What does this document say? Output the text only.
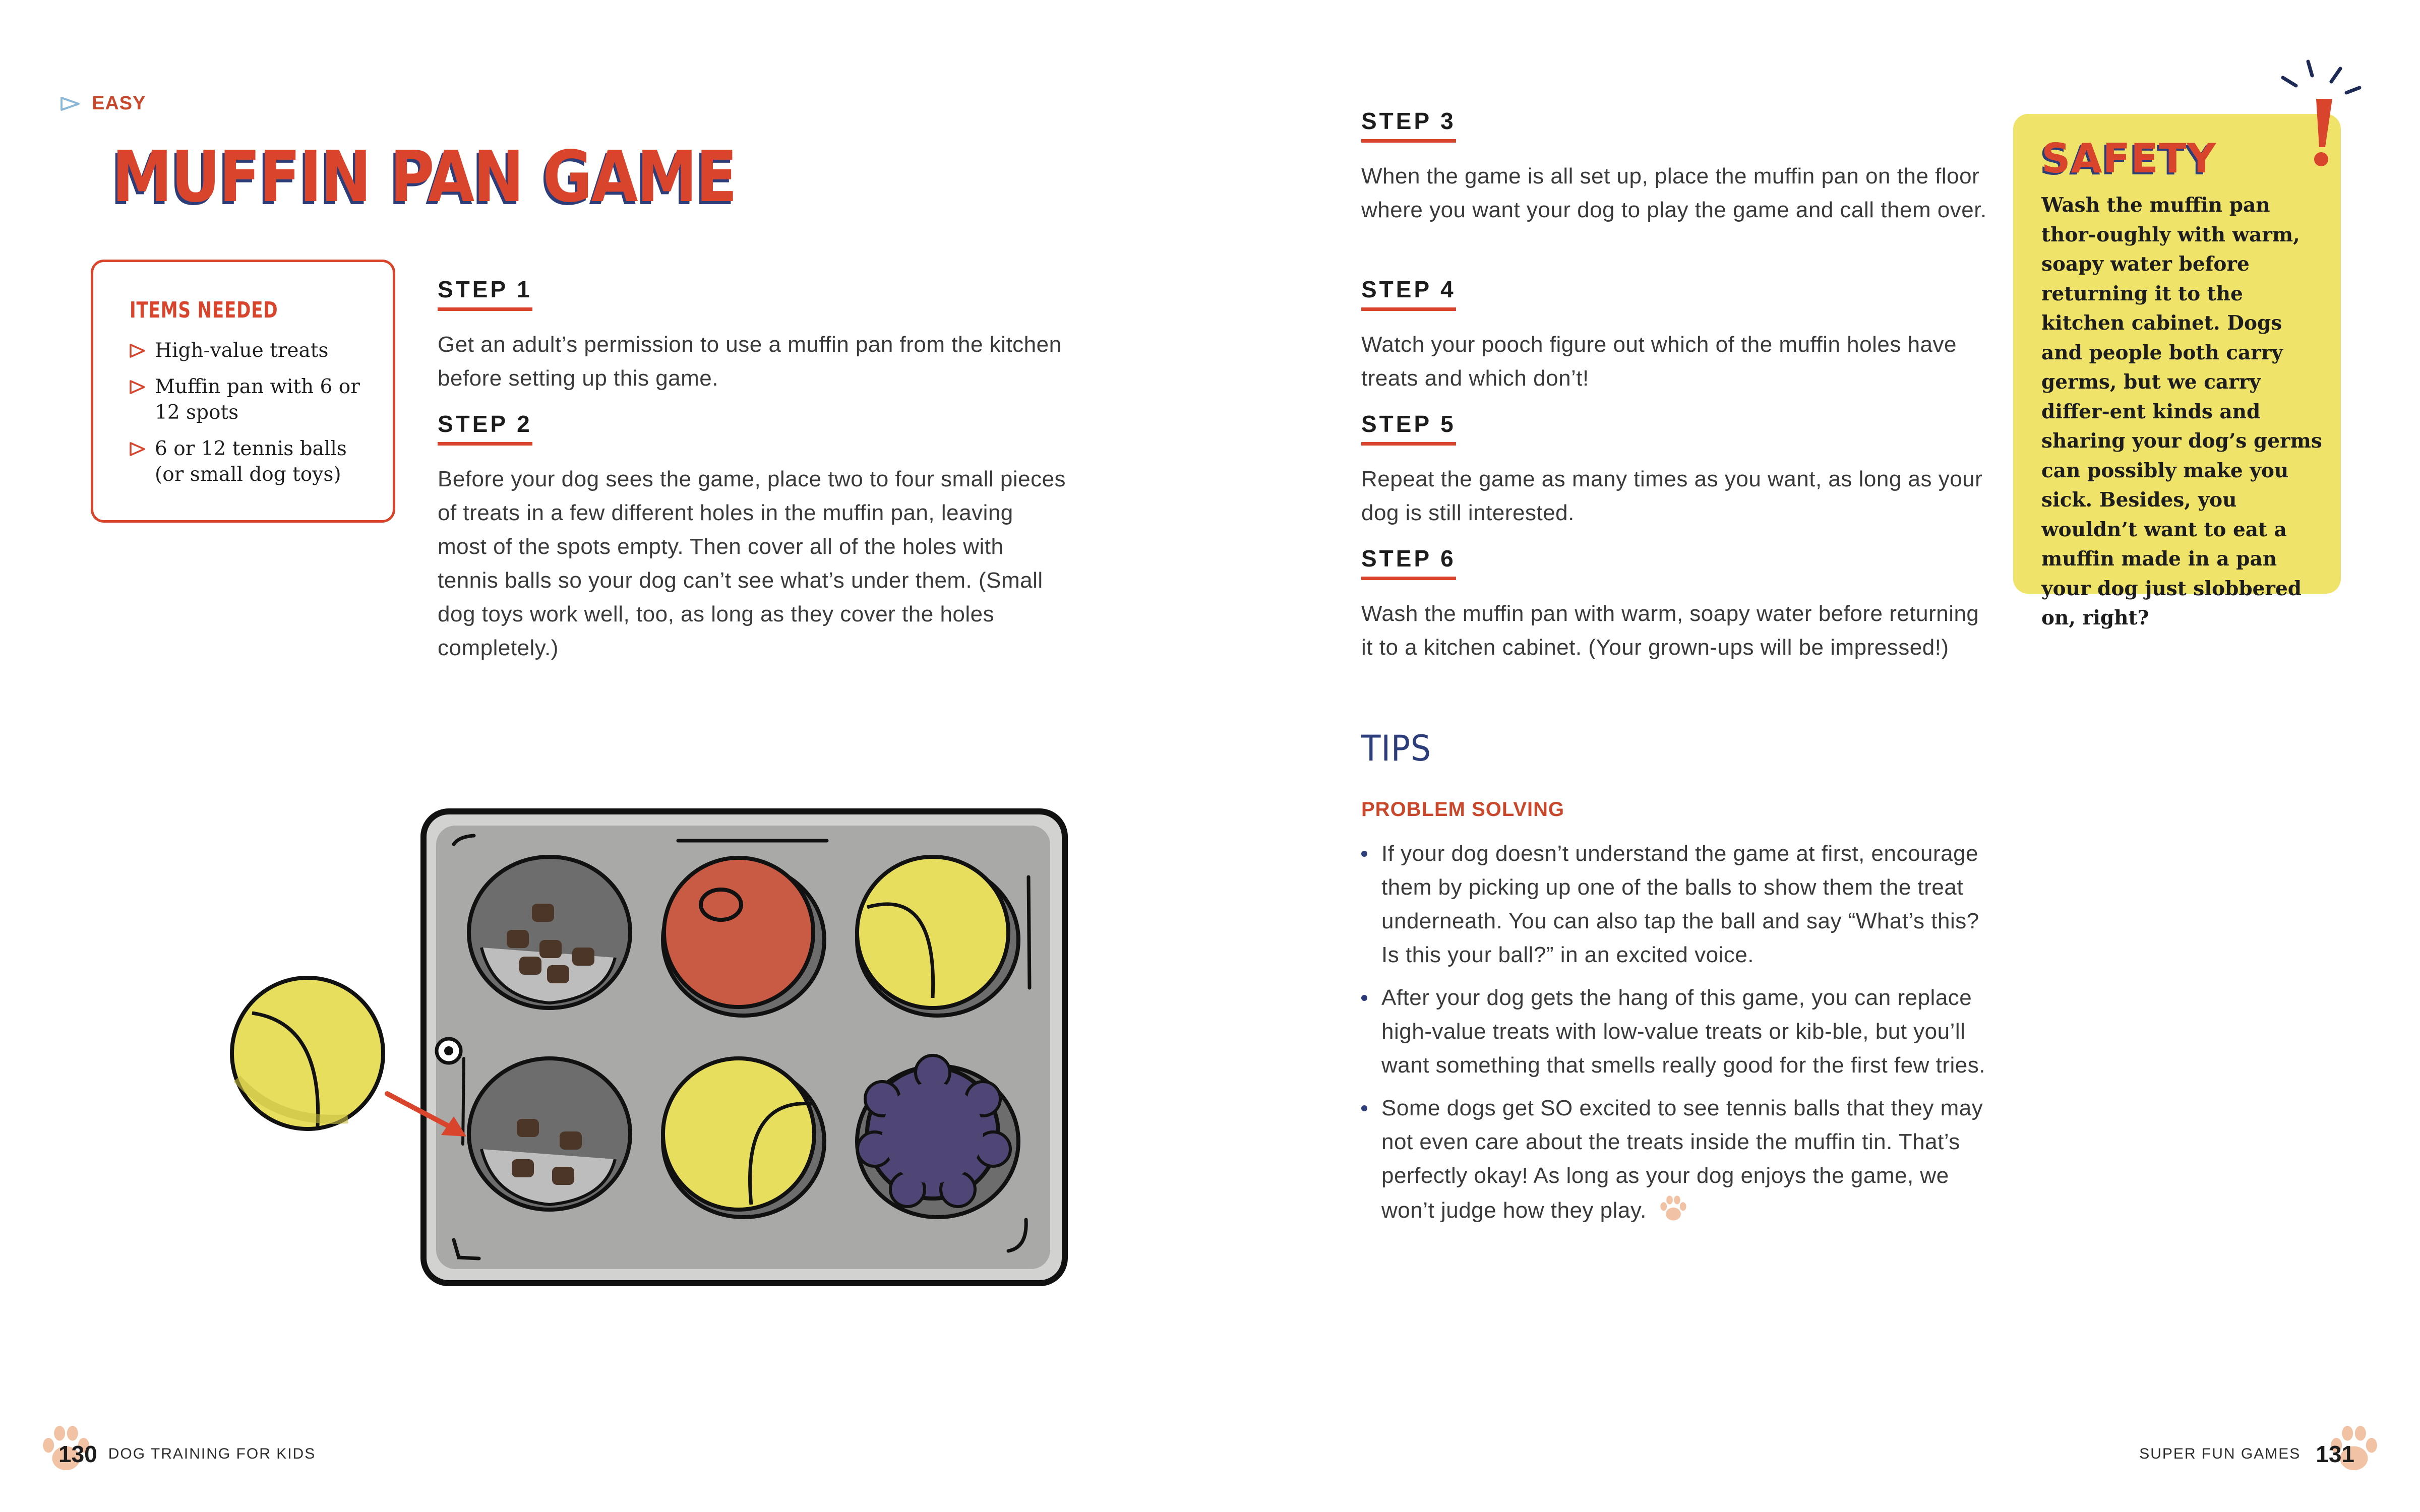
EASY
MUFFIN PAN GAME
ITEMS NEEDED
High-value treats
Muffin pan with 6 or 12 spots
6 or 12 tennis balls (or small dog toys)
STEP 1
Get an adult’s permission to use a muffin pan from the kitchen before setting up this game.
STEP 2
Before your dog sees the game, place two to four small pieces of treats in a few different holes in the muffin pan, leaving most of the spots empty. Then cover all of the holes with tennis balls so your dog can’t see what’s under them. (Small dog toys work well, too, as long as they cover the holes completely.)
STEP 3
When the game is all set up, place the muffin pan on the floor where you want your dog to play the game and call them over.
STEP 4
Watch your pooch figure out which of the muffin holes have treats and which don’t!
STEP 5
Repeat the game as many times as you want, as long as your dog is still interested.
STEP 6
Wash the muffin pan with warm, soapy water before returning it to a kitchen cabinet. (Your grown-ups will be impressed!)
TIPS
PROBLEM SOLVING
If your dog doesn’t understand the game at first, encourage them by picking up one of the balls to show them the treat underneath. You can also tap the ball and say “What’s this? Is this your ball?” in an excited voice.
After your dog gets the hang of this game, you can replace high-value treats with low-value treats or kib-ble, but you’ll want something that smells really good for the first few tries.
Some dogs get SO excited to see tennis balls that they may not even care about the treats inside the muffin tin. That’s perfectly okay! As long as your dog enjoys the game, we won’t judge how they play.
SAFETY
Wash the muffin pan thor-oughly with warm, soapy water before returning it to the kitchen cabinet. Dogs and people both carry germs, but we carry differ-ent kinds and sharing your dog’s germs can possibly make you sick. Besides, you wouldn’t want to eat a muffin made in a pan your dog just slobbered on, right?
130 DOG TRAINING FOR KIDS	SUPER FUN GAMES 131
